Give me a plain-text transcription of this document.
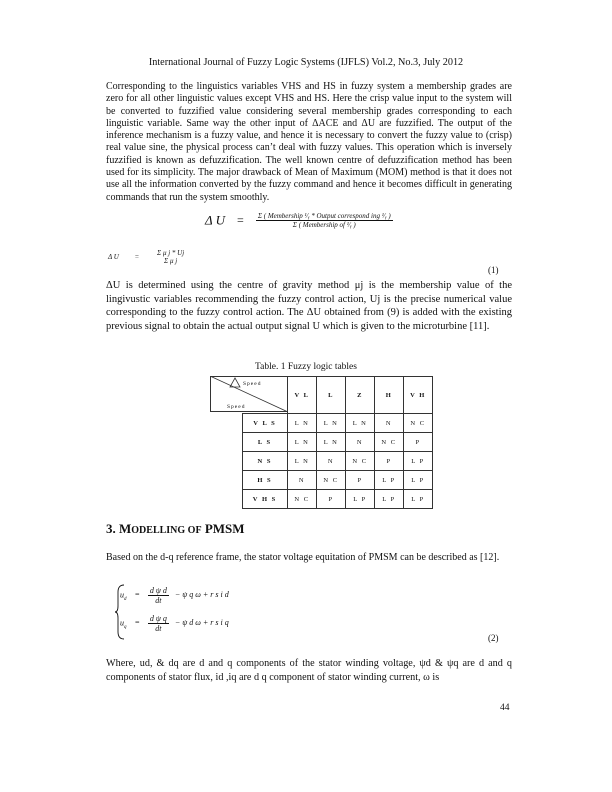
International Journal of Fuzzy Logic Systems (IJFLS) Vol.2, No.3, July 2012
Corresponding to the linguistics variables VHS and HS in fuzzy system a membership grades are zero for all other linguistic values except VHS and HS. Here the crisp value input to the system will be converted to fuzzified value considering several membership grades corresponding to each linguistic variable. Same way the other input of ΔACE and ΔU are fuzzified. The output of the inference mechanism is a fuzzy value, and hence it is necessary to convert the fuzzy value to (crisp) real value sine, the physical process can’t deal with fuzzy values. This operation which is inversely fuzzified is known as defuzzification. The well known centre of defuzzification method has been used for its simplicity. The major drawback of Mean of Maximum (MOM) method is that it does not use all the information converted by the fuzzy command and hence it becomes difficult in generating commands that run the system smoothly.
Δ $U = \frac{\text{Σ ( Membership ¹⁄ᵧ * Output correspond ing ¹⁄ᵧ )}}{\text{Σ ( Membership of ¹⁄ᵧ )}}$
Δ U =	Σ μ j * Uj
Σ μ j
(1)
ΔU is determined using the centre of gravity method μj is the membership value of the lingivustic variables recommending the fuzzy control action, Uj is the precise numerical value corresponding to the fuzzy control action. The ΔU obtained from (9) is added with the existing previous signal to obtain the actual output signal U which is given to the microturbine [11].
Table. 1 Fuzzy logic tables
		V L	L	Z	H	V H
	V L S	L N	L N	L N	N	N C
	L S	L N	L N	N	N C	P
	N S	L N	N	N C	P	L P
	H S	N	N C	P	L P	L P
	V H S	N C	P	L P	L P	L P
Speed
Speed
3. MODELLING OF PMSM
Based on the d-q reference frame, the stator voltage equitation of PMSM can be described as [12].
$u_d = \frac{\text{d ψ d}}{dt} - \psi$ q ω + r s i d
$u_q = \frac{\text{d ψ q}}{dt} - \psi$ d ω + r s i q
(2)
Where, ud, & dq are d and q components of the stator winding voltage, ψd & ψq are d and q components of stator flux, id ,iq are d q component of stator winding current, ω is
44
